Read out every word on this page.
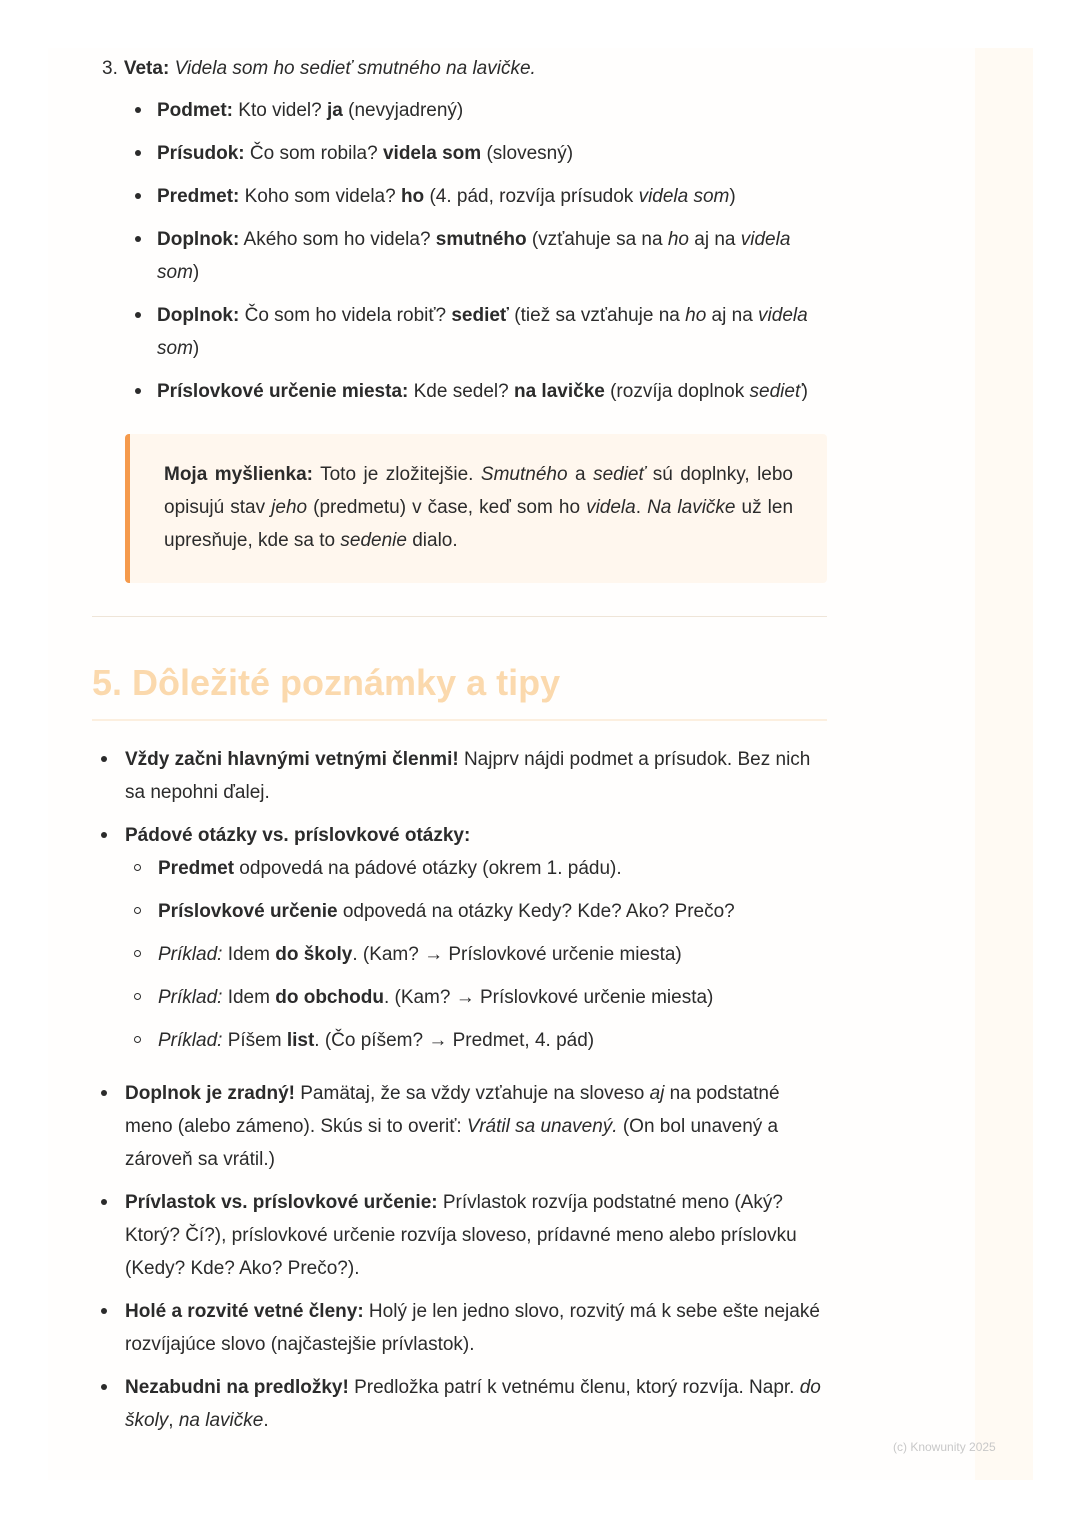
3. Veta: Videla som ho sedieť smutného na lavičke.

Podmet: Kto videl? ja (nevyjadrený)
Prísudok: Čo som robila? videla som (slovesný)
Predmet: Koho som videla? ho (4. pád, rozvíja prísudok videla som)
Doplnok: Akého som ho videla? smutného (vzťahuje sa na ho aj na videla som)
Doplnok: Čo som ho videla robiť? sedieť (tiež sa vzťahuje na ho aj na videla som)
Príslovkové určenie miesta: Kde sedel? na lavičke (rozvíja doplnok sedieť)
Moja myšlienka: Toto je zložitejšie. Smutného a sedieť sú doplnky, lebo opisujú stav jeho (predmetu) v čase, keď som ho videla. Na lavičke už len upresňuje, kde sa to sedenie dialo.
5. Dôležité poznámky a tipy
Vždy začni hlavnými vetnými členmi! Najprv nájdi podmet a prísudok. Bez nich sa nepohni ďalej.
Pádové otázky vs. príslovkové otázky:
Predmet odpovedá na pádové otázky (okrem 1. pádu).
Príslovkové určenie odpovedá na otázky Kedy? Kde? Ako? Prečo?
Príklad: Idem do školy. (Kam? → Príslovkové určenie miesta)
Príklad: Idem do obchodu. (Kam? → Príslovkové určenie miesta)
Príklad: Píšem list. (Čo píšem? → Predmet, 4. pád)
Doplnok je zradný! Pamätaj, že sa vždy vzťahuje na sloveso aj na podstatné meno (alebo zámeno). Skús si to overiť: Vrátil sa unavený. (On bol unavený a zároveň sa vrátil.)
Prívlastok vs. príslovkové určenie: Prívlastok rozvíja podstatné meno (Aký? Ktorý? Čí?), príslovkové určenie rozvíja sloveso, prídavné meno alebo príslovku (Kedy? Kde? Ako? Prečo?).
Holé a rozvité vetné členy: Holý je len jedno slovo, rozvitý má k sebe ešte nejaké rozvíjajúce slovo (najčastejšie prívlastok).
Nezabudni na predložky! Predložka patrí k vetnému členu, ktorý rozvíja. Napr. do školy, na lavičke.
(c) Knowunity 2025
